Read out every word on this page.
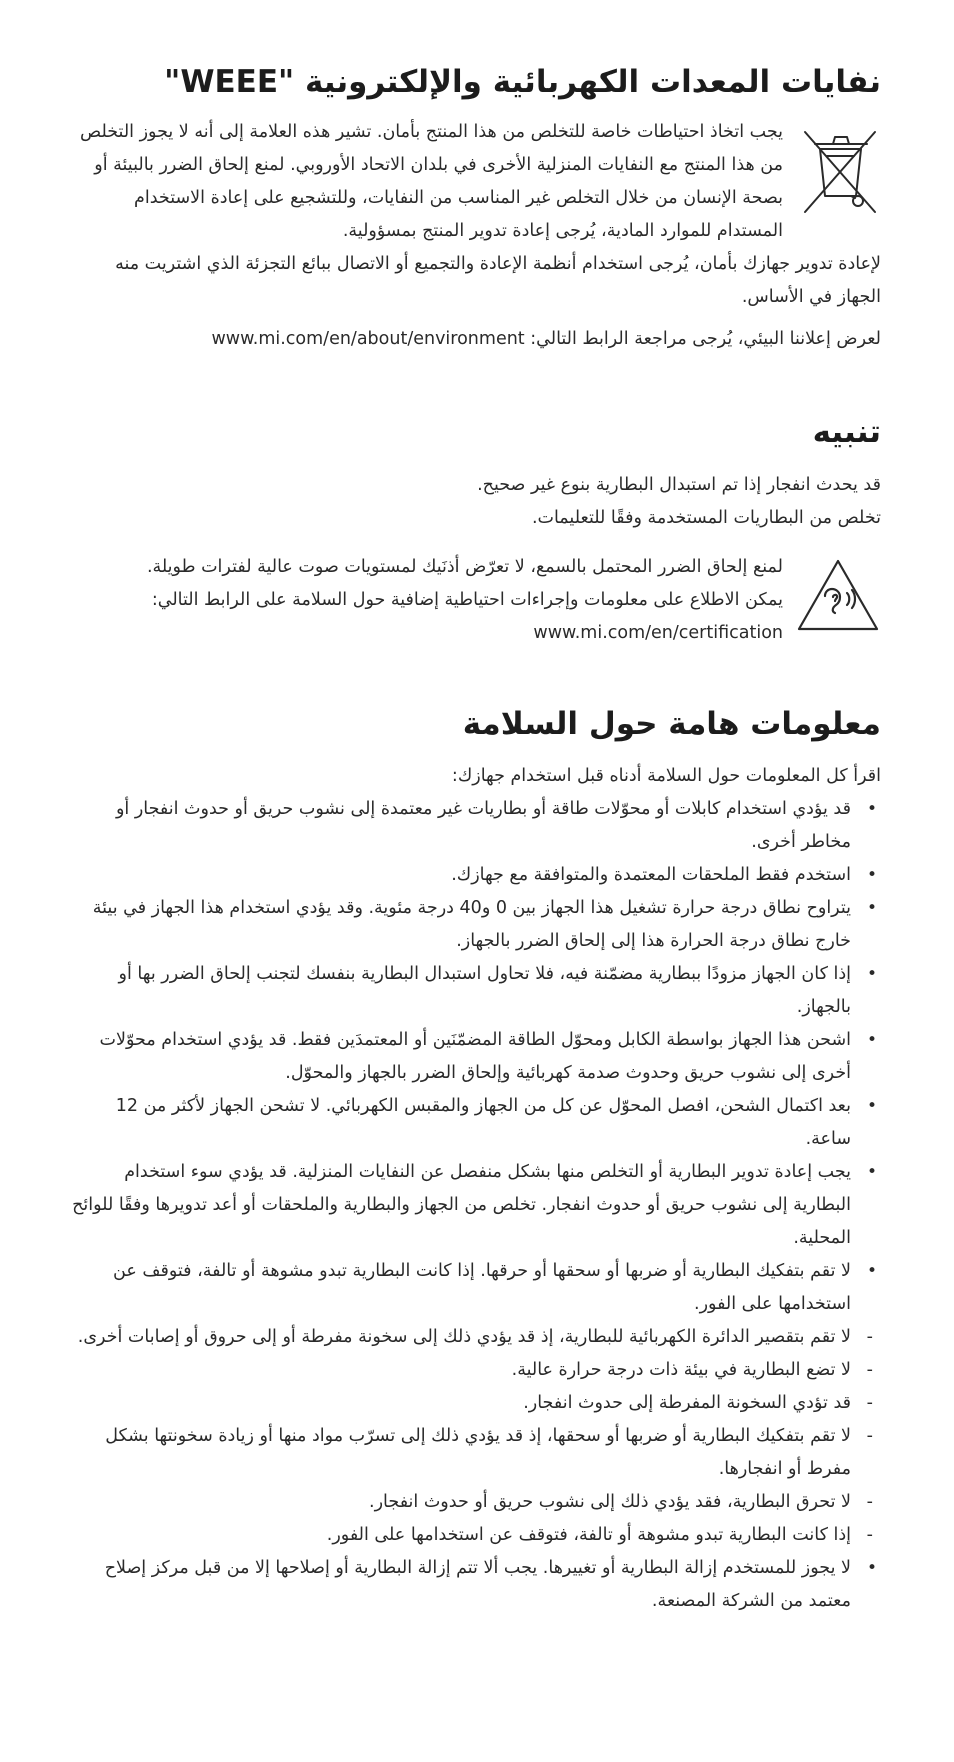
نفايات المعدات الكهربائية والإلكترونية "WEEE"

يجب اتخاذ احتياطات خاصة للتخلص من هذا المنتج بأمان. تشير هذه العلامة إلى أنه لا يجوز التخلص من هذا المنتج مع النفايات المنزلية الأخرى في بلدان الاتحاد الأوروبي. لمنع إلحاق الضرر بالبيئة أو بصحة الإنسان من خلال التخلص غير المناسب من النفايات، وللتشجيع على إعادة الاستخدام المستدام للموارد المادية، يُرجى إعادة تدوير المنتج بمسؤولية.

لإعادة تدوير جهازك بأمان، يُرجى استخدام أنظمة الإعادة والتجميع أو الاتصال ببائع التجزئة الذي اشتريت منه الجهاز في الأساس.

لعرض إعلاننا البيئي، يُرجى مراجعة الرابط التالي: www.mi.com/en/about/environment

تنبيه

قد يحدث انفجار إذا تم استبدال البطارية بنوع غير صحيح.

تخلص من البطاريات المستخدمة وفقًا للتعليمات.

لمنع إلحاق الضرر المحتمل بالسمع، لا تعرّض أذنَيك لمستويات صوت عالية لفترات طويلة.

يمكن الاطلاع على معلومات وإجراءات احتياطية إضافية حول السلامة على الرابط التالي:

www.mi.com/en/certification

معلومات هامة حول السلامة

اقرأ كل المعلومات حول السلامة أدناه قبل استخدام جهازك:

• قد يؤدي استخدام كابلات أو محوّلات طاقة أو بطاريات غير معتمدة إلى نشوب حريق أو حدوث انفجار أو مخاطر أخرى.
• استخدم فقط الملحقات المعتمدة والمتوافقة مع جهازك.
• يتراوح نطاق درجة حرارة تشغيل هذا الجهاز بين 0 و40 درجة مئوية. وقد يؤدي استخدام هذا الجهاز في بيئة خارج نطاق درجة الحرارة هذا إلى إلحاق الضرر بالجهاز.
• إذا كان الجهاز مزودًا ببطارية مضمّنة فيه، فلا تحاول استبدال البطارية بنفسك لتجنب إلحاق الضرر بها أو بالجهاز.
• اشحن هذا الجهاز بواسطة الكابل ومحوّل الطاقة المضمّنَين أو المعتمدَين فقط. قد يؤدي استخدام محوّلات أخرى إلى نشوب حريق وحدوث صدمة كهربائية وإلحاق الضرر بالجهاز والمحوّل.
• بعد اكتمال الشحن، افصل المحوّل عن كل من الجهاز والمقبس الكهربائي. لا تشحن الجهاز لأكثر من 12 ساعة.
• يجب إعادة تدوير البطارية أو التخلص منها بشكل منفصل عن النفايات المنزلية. قد يؤدي سوء استخدام البطارية إلى نشوب حريق أو حدوث انفجار. تخلص من الجهاز والبطارية والملحقات أو أعد تدويرها وفقًا للوائح المحلية.
• لا تقم بتفكيك البطارية أو ضربها أو سحقها أو حرقها. إذا كانت البطارية تبدو مشوهة أو تالفة، فتوقف عن استخدامها على الفور.
- لا تقم بتقصير الدائرة الكهربائية للبطارية، إذ قد يؤدي ذلك إلى سخونة مفرطة أو إلى حروق أو إصابات أخرى.
- لا تضع البطارية في بيئة ذات درجة حرارة عالية.
- قد تؤدي السخونة المفرطة إلى حدوث انفجار.
- لا تقم بتفكيك البطارية أو ضربها أو سحقها، إذ قد يؤدي ذلك إلى تسرّب مواد منها أو زيادة سخونتها بشكل مفرط أو انفجارها.
- لا تحرق البطارية، فقد يؤدي ذلك إلى نشوب حريق أو حدوث انفجار.
- إذا كانت البطارية تبدو مشوهة أو تالفة، فتوقف عن استخدامها على الفور.
• لا يجوز للمستخدم إزالة البطارية أو تغييرها. يجب ألا تتم إزالة البطارية أو إصلاحها إلا من قبل مركز إصلاح معتمد من الشركة المصنعة.
